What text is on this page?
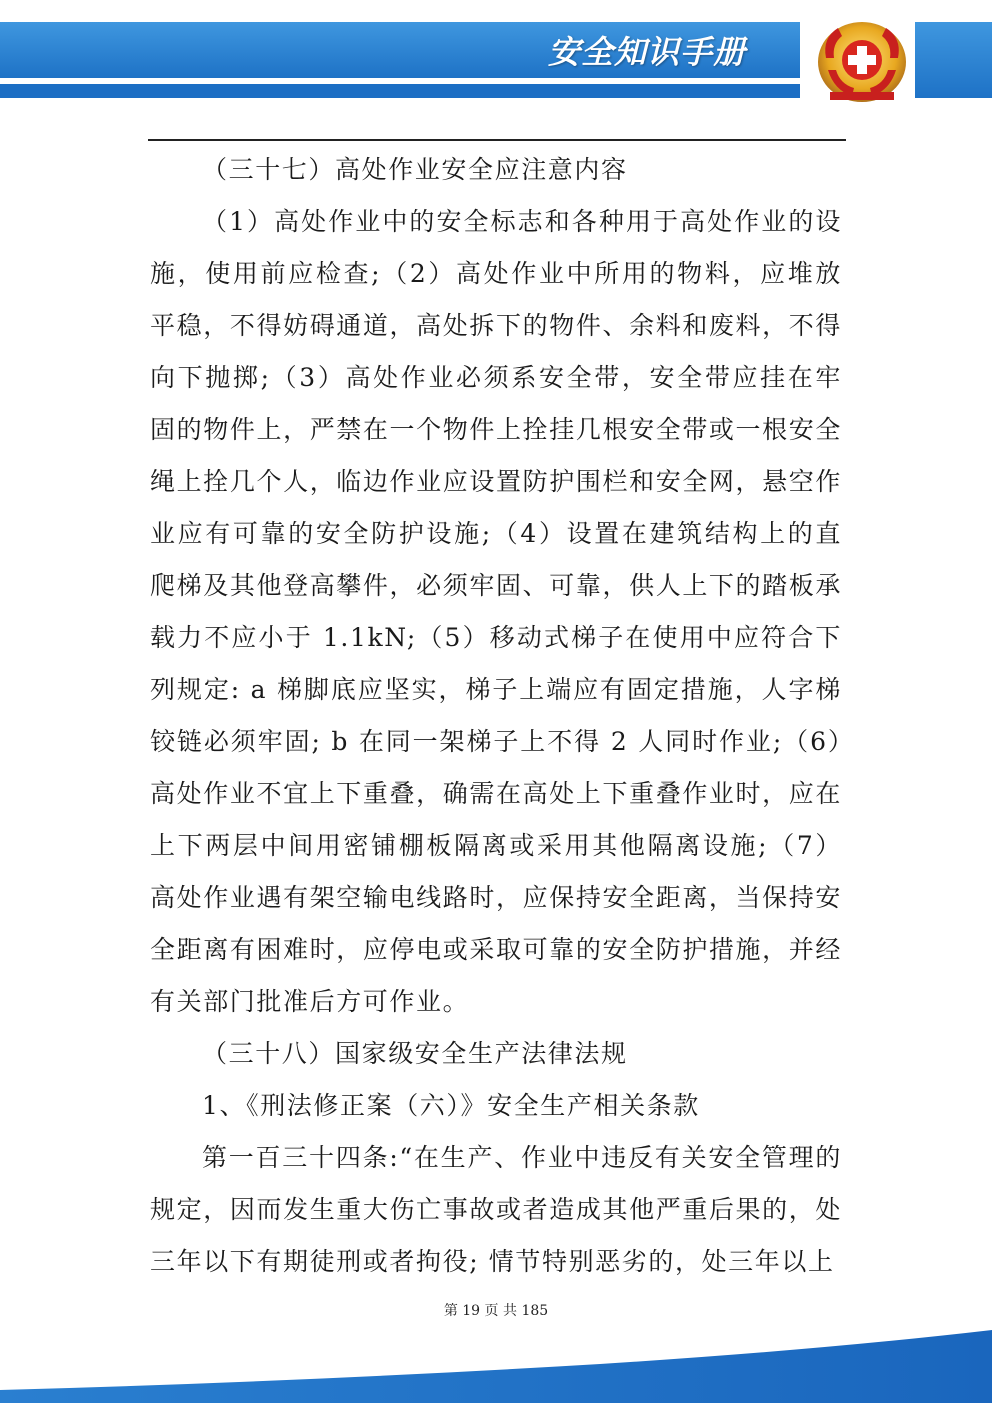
安全知识手册

（三十七）高处作业安全应注意内容

（1）高处作业中的安全标志和各种用于高处作业的设施，使用前应检查;（2）高处作业中所用的物料，应堆放平稳，不得妨碍通道，高处拆下的物件、余料和废料，不得向下抛掷;（3）高处作业必须系安全带，安全带应挂在牢固的物件上，严禁在一个物件上拴挂几根安全带或一根安全绳上拴几个人，临边作业应设置防护围栏和安全网，悬空作业应有可靠的安全防护设施;（4）设置在建筑结构上的直爬梯及其他登高攀件，必须牢固、可靠，供人上下的踏板承载力不应小于 1.1kN;（5）移动式梯子在使用中应符合下列规定: a 梯脚底应坚实，梯子上端应有固定措施，人字梯铰链必须牢固; b 在同一架梯子上不得 2 人同时作业;（6）高处作业不宜上下重叠，确需在高处上下重叠作业时，应在上下两层中间用密铺棚板隔离或采用其他隔离设施;（7）高处作业遇有架空输电线路时，应保持安全距离，当保持安全距离有困难时，应停电或采取可靠的安全防护措施，并经有关部门批准后方可作业。

（三十八）国家级安全生产法律法规

1、《刑法修正案（六）》安全生产相关条款

第一百三十四条:“在生产、作业中违反有关安全管理的规定，因而发生重大伤亡事故或者造成其他严重后果的，处三年以下有期徒刑或者拘役; 情节特别恶劣的，处三年以上

第 19 页 共 185
